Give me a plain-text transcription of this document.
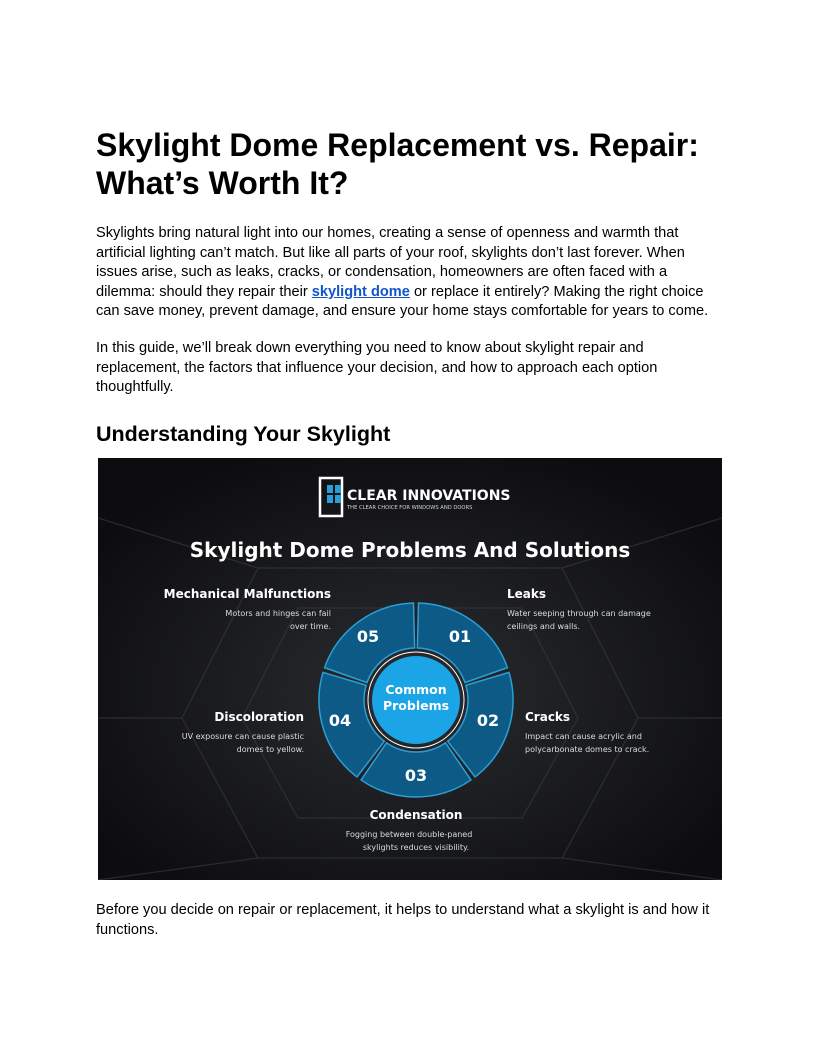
Skylight Dome Replacement vs. Repair:
What’s Worth It?

Skylights bring natural light into our homes, creating a sense of openness and warmth that artificial lighting can’t match. But like all parts of your roof, skylights don’t last forever. When issues arise, such as leaks, cracks, or condensation, homeowners are often faced with a dilemma: should they repair their skylight dome or replace it entirely? Making the right choice can save money, prevent damage, and ensure your home stays comfortable for years to come.

In this guide, we’ll break down everything you need to know about skylight repair and replacement, the factors that influence your decision, and how to approach each option thoughtfully.

Understanding Your Skylight

Before you decide on repair or replacement, it helps to understand what a skylight is and how it functions.

CLEAR INNOVATIONS
THE CLEAR CHOICE FOR WINDOWS AND DOORS
Skylight Dome Problems And Solutions
Common
Problems
01
02
03
04
05
Leaks
Water seeping through can damage
ceilings and walls.
Cracks
Impact can cause acrylic and
polycarbonate domes to crack.
Condensation
Fogging between double-paned
skylights reduces visibility.
Discoloration
UV exposure can cause plastic
domes to yellow.
Mechanical Malfunctions
Motors and hinges can fail
over time.
